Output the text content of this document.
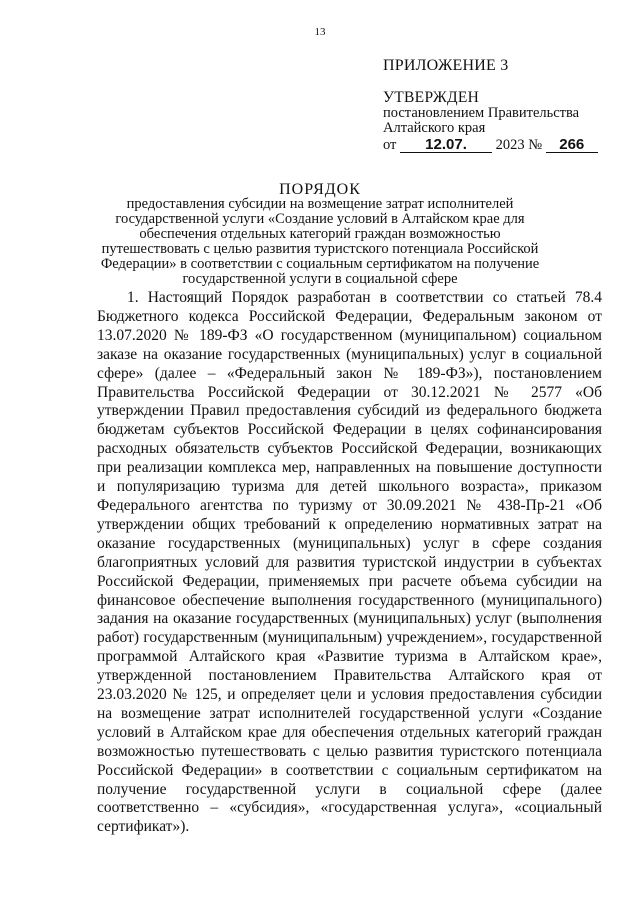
13
ПРИЛОЖЕНИЕ 3
УТВЕРЖДЕН
постановлением Правительства
Алтайского края
от 12.07. 2023 № 266
ПОРЯДОК
предоставления субсидии на возмещение затрат исполнителей государственной услуги «Создание условий в Алтайском крае для обеспечения отдельных категорий граждан возможностью путешествовать с целью развития туристского потенциала Российской Федерации» в соответствии с социальным сертификатом на получение государственной услуги в социальной сфере

1. Настоящий Порядок разработан в соответствии со статьей 78.4 Бюджетного кодекса Российской Федерации, Федеральным законом от 13.07.2020 № 189-ФЗ «О государственном (муниципальном) социальном заказе на оказание государственных (муниципальных) услуг в социальной сфере» (далее – «Федеральный закон № 189-ФЗ»), постановлением Правительства Российской Федерации от 30.12.2021 № 2577 «Об утверждении Правил предоставления субсидий из федерального бюджета бюджетам субъектов Российской Федерации в целях софинансирования расходных обязательств субъектов Российской Федерации, возникающих при реализации комплекса мер, направленных на повышение доступности и популяризацию туризма для детей школьного возраста», приказом Федерального агентства по туризму от 30.09.2021 № 438-Пр-21 «Об утверждении общих требований к определению нормативных затрат на оказание государственных (муниципальных) услуг в сфере создания благоприятных условий для развития туристской индустрии в субъектах Российской Федерации, применяемых при расчете объема субсидии на финансовое обеспечение выполнения государственного (муниципального) задания на оказание государственных (муниципальных) услуг (выполнения работ) государственным (муниципальным) учреждением», государственной программой Алтайского края «Развитие туризма в Алтайском крае», утвержденной постановлением Правительства Алтайского края от 23.03.2020 № 125, и определяет цели и условия предоставления субсидии на возмещение затрат исполнителей государственной услуги «Создание условий в Алтайском крае для обеспечения отдельных категорий граждан возможностью путешествовать с целью развития туристского потенциала Российской Федерации» в соответствии с социальным сертификатом на получение государственной услуги в социальной сфере (далее соответственно – «субсидия», «государственная услуга», «социальный сертификат»).
